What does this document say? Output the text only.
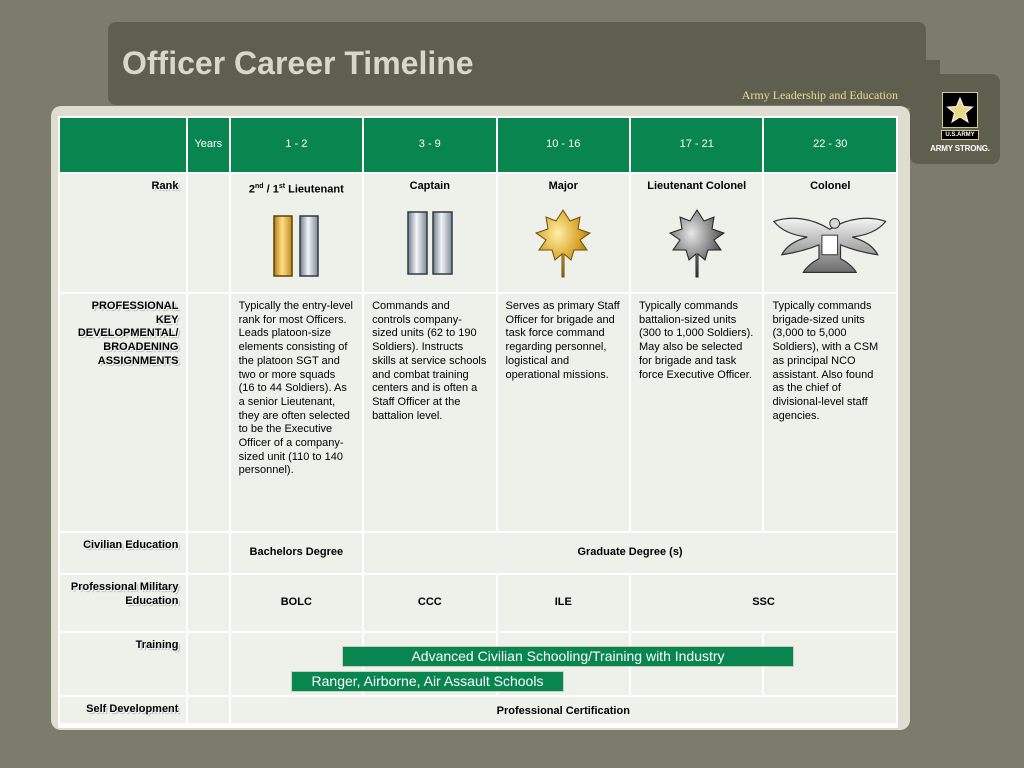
Officer Career Timeline
Army Leadership and Education
U.S.ARMY
ARMY STRONG.
	Years	1 - 2	3 - 9	10 - 16	17 - 21	22 - 30
Rank		2nd / 1st Lieutenant	Captain	Major	Lieutenant Colonel	Colonel

PROFESSIONAL KEY DEVELOPMENTAL/ BROADENING ASSIGNMENTS		Typically the entry-level rank for most Officers. Leads platoon-size elements consisting of the platoon SGT and two or more squads (16 to 44 Soldiers). As a senior Lieutenant, they are often selected to be the Executive Officer of a company-sized unit (110 to 140 personnel).	Commands and controls company-sized units (62 to 190 Soldiers). Instructs skills at service schools and combat training centers and is often a Staff Officer at the battalion level.	Serves as primary Staff Officer for brigade and task force command regarding personnel, logistical and operational missions.	Typically commands battalion-sized units (300 to 1,000 Soldiers). May also be selected for brigade and task force Executive Officer.	Typically commands brigade-sized units (3,000 to 5,000 Soldiers), with a CSM as principal NCO assistant. Also found as the chief of divisional-level staff agencies.
Civilian Education		Bachelors Degree	Graduate Degree (s)			
Professional Military Education		BOLC	CCC	ILE	SSC	
Training						
Self Development		Professional Certification				
Advanced Civilian Schooling/Training with Industry
Ranger, Airborne, Air Assault Schools
